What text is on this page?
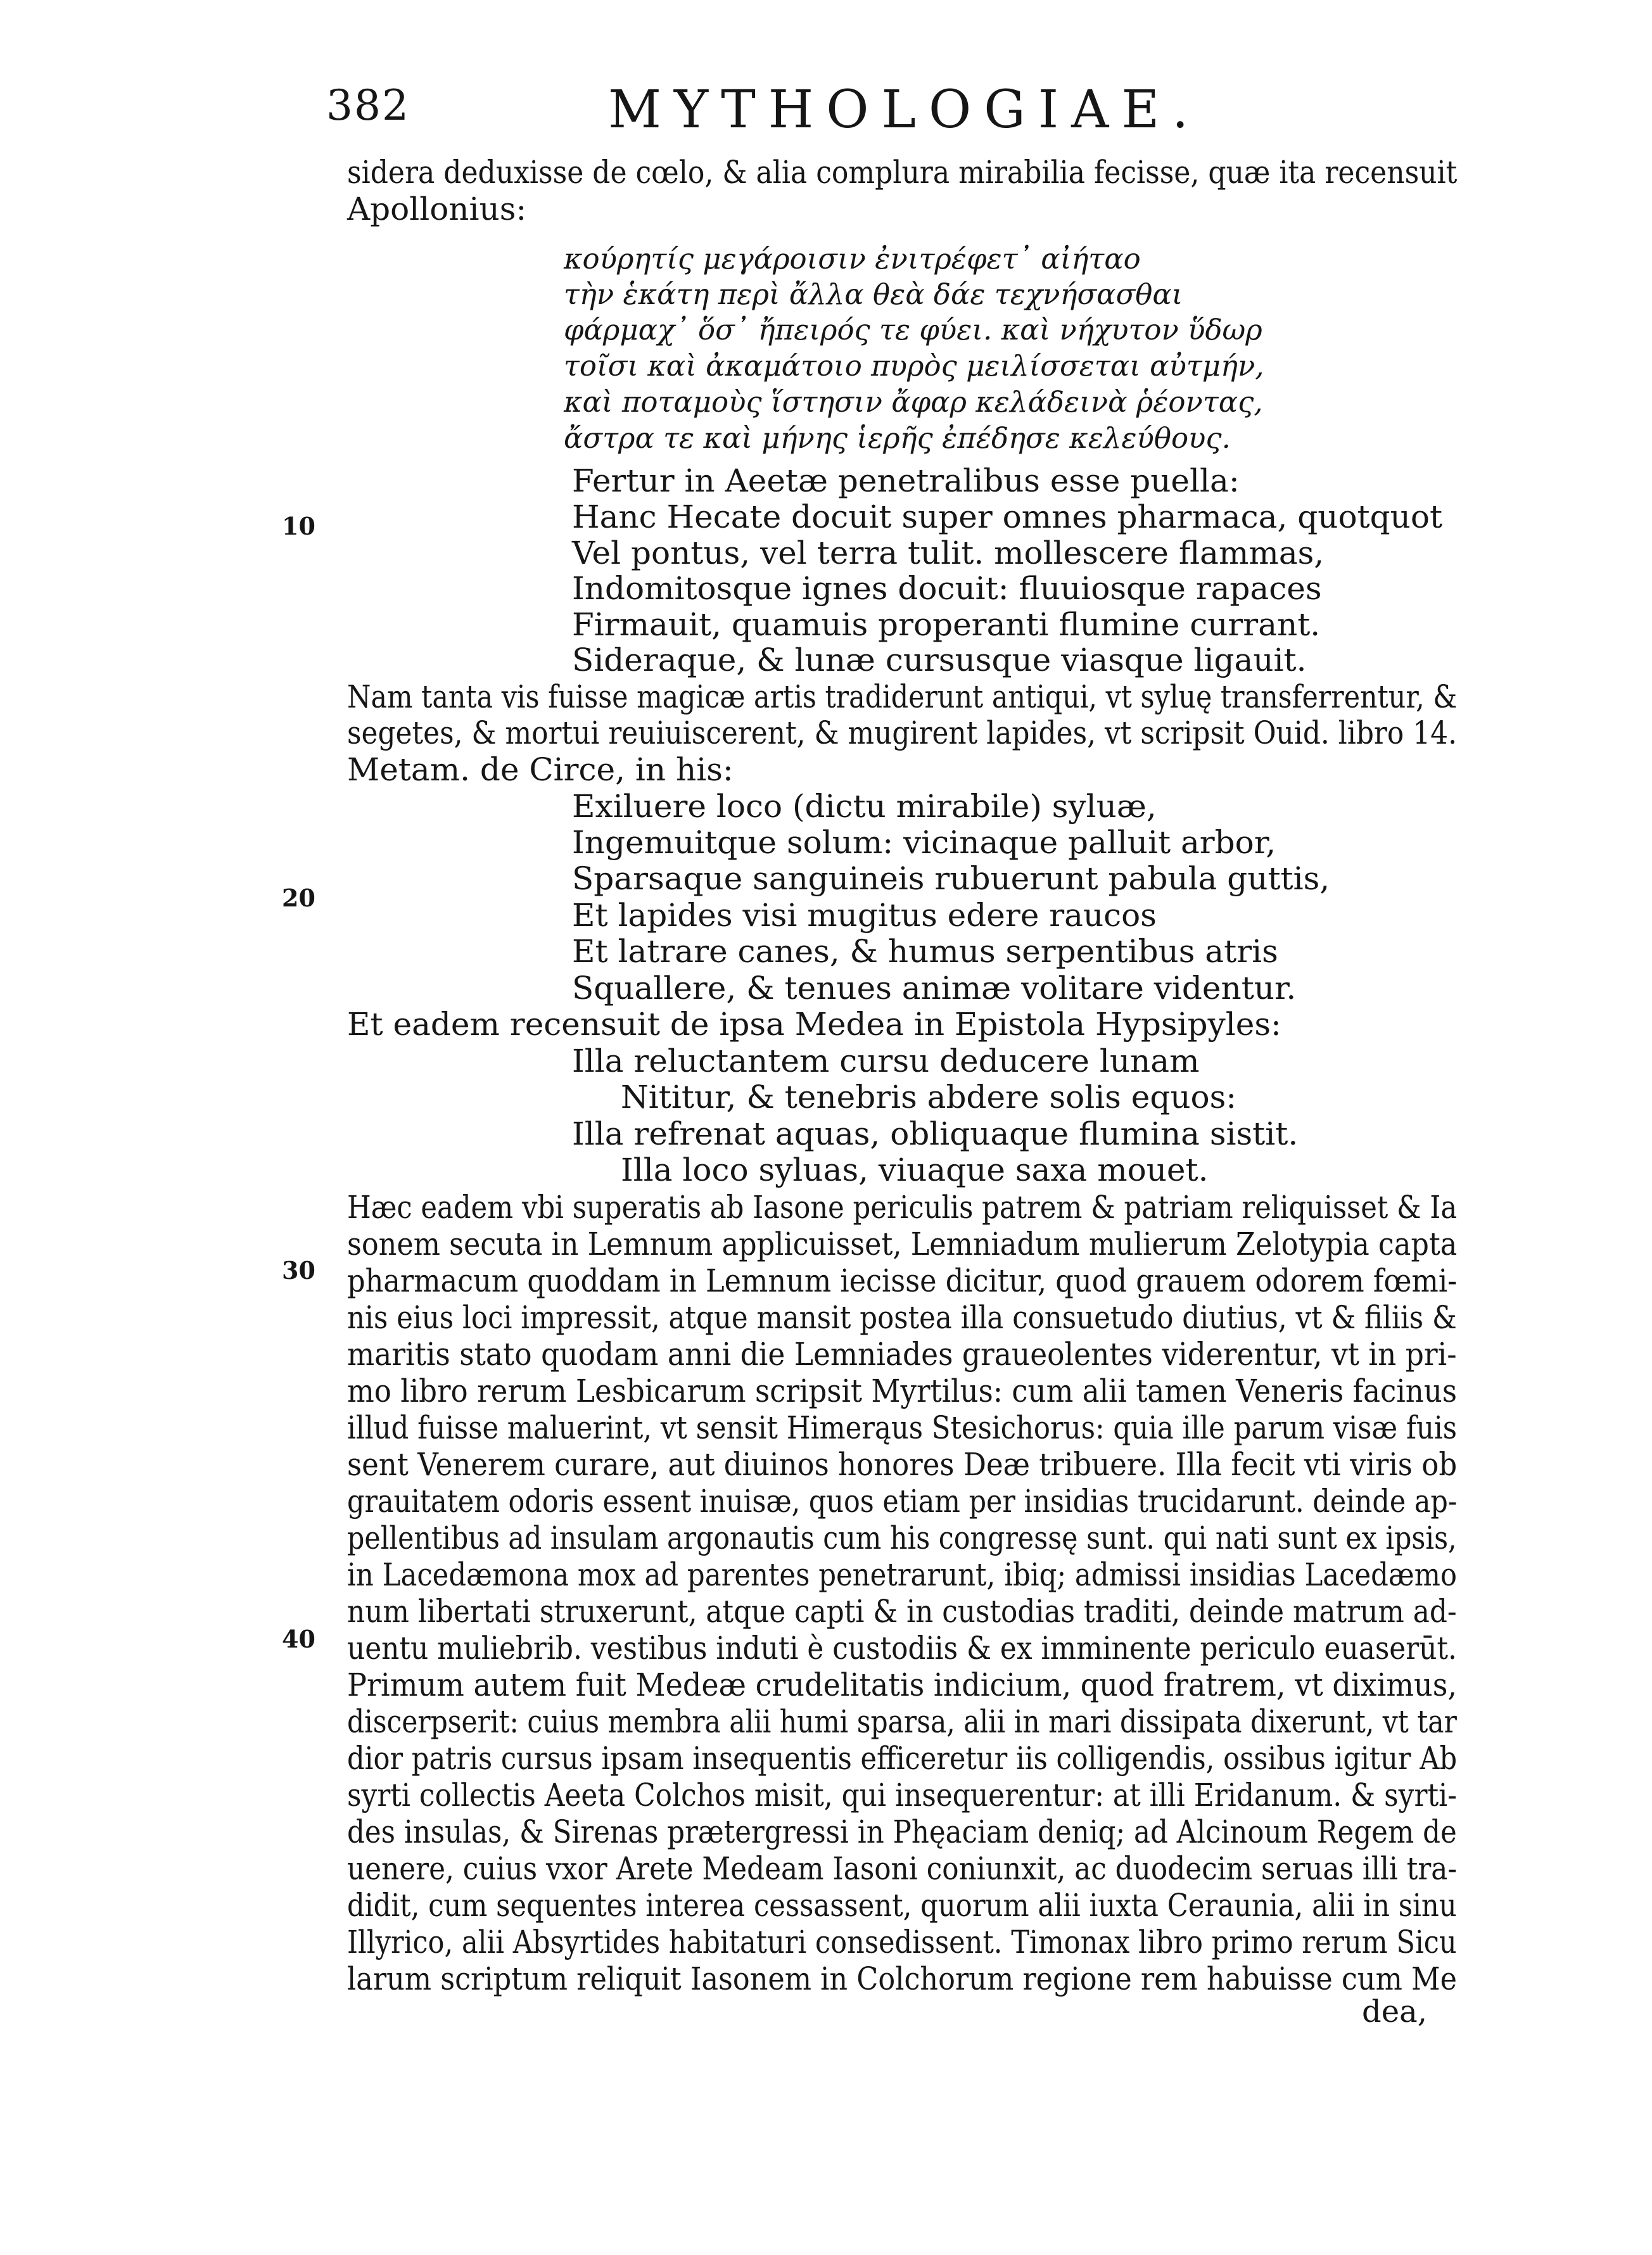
382	MYTHOLOGIAE.
10
20
30
40
sidera deduxisse de cœlo, & alia complura mirabilia fecisse, quæ ita recensuit
Apollonius:
κούρητίς μεγάροισιν ἐνιτρέφετ᾽ αἰήταο
τὴν ἑκάτη περὶ ἄλλα θεὰ δάε τεχνήσασθαι
φάρμαχ᾽ ὅσ᾽ ἤπειρός τε φύει. καὶ νήχυτον ὕδωρ
τοῖσι καὶ ἀκαμάτοιο πυρὸς μειλίσσεται αὐτμήν,
καὶ ποταμοὺς ἵστησιν ἄφαρ κελάδεινὰ ῥέοντας,
ἄστρα τε καὶ μήνης ἱερῆς ἐπέδησε κελεύθους.
Fertur in Aeetæ penetralibus esse puella:
Hanc Hecate docuit super omnes pharmaca, quotquot
Vel pontus, vel terra tulit. mollescere flammas,
Indomitosque ignes docuit: fluuiosque rapaces
Firmauit, quamuis properanti flumine currant.
Sideraque, & lunæ cursusque viasque ligauit.
Nam tanta vis fuisse magicæ artis tradiderunt antiqui, vt syluę transferrentur, &
segetes, & mortui reuiuiscerent, & mugirent lapides, vt scripsit Ouid. libro 14.
Metam. de Circe, in his:
Exiluere loco (dictu mirabile) syluæ,
Ingemuitque solum: vicinaque palluit arbor,
Sparsaque sanguineis rubuerunt pabula guttis,
Et lapides visi mugitus edere raucos
Et latrare canes, & humus serpentibus atris
Squallere, & tenues animæ volitare videntur.
Et eadem recensuit de ipsa Medea in Epistola Hypsipyles:
Illa reluctantem cursu deducere lunam
Nititur, & tenebris abdere solis equos:
Illa refrenat aquas, obliquaque flumina sistit.
Illa loco syluas, viuaque saxa mouet.
Hæc eadem vbi superatis ab Iasone periculis patrem & patriam reliquisset & Ia
sonem secuta in Lemnum applicuisset, Lemniadum mulierum Zelotypia capta
pharmacum quoddam in Lemnum iecisse dicitur, quod grauem odorem fœmi-
nis eius loci impressit, atque mansit postea illa consuetudo diutius, vt & filiis &
maritis stato quodam anni die Lemniades graueolentes viderentur, vt in pri-
mo libro rerum Lesbicarum scripsit Myrtilus: cum alii tamen Veneris facinus
illud fuisse maluerint, vt sensit Himerąus Stesichorus: quia ille parum visæ fuis
sent Venerem curare, aut diuinos honores Deæ tribuere. Illa fecit vti viris ob
grauitatem odoris essent inuisæ, quos etiam per insidias trucidarunt. deinde ap-
pellentibus ad insulam argonautis cum his congressę sunt. qui nati sunt ex ipsis,
in Lacedæmona mox ad parentes penetrarunt, ibiq; admissi insidias Lacedæmo
num libertati struxerunt, atque capti & in custodias traditi, deinde matrum ad-
uentu muliebrib. vestibus induti è custodiis & ex imminente periculo euaserūt.
Primum autem fuit Medeæ crudelitatis indicium, quod fratrem, vt diximus,
discerpserit: cuius membra alii humi sparsa, alii in mari dissipata dixerunt, vt tar
dior patris cursus ipsam insequentis efficeretur iis colligendis, ossibus igitur Ab
syrti collectis Aeeta Colchos misit, qui insequerentur: at illi Eridanum. & syrti-
des insulas, & Sirenas prætergressi in Phęaciam deniq; ad Alcinoum Regem de
uenere, cuius vxor Arete Medeam Iasoni coniunxit, ac duodecim seruas illi tra-
didit, cum sequentes interea cessassent, quorum alii iuxta Ceraunia, alii in sinu
Illyrico, alii Absyrtides habitaturi consedissent. Timonax libro primo rerum Sicu
larum scriptum reliquit Iasonem in Colchorum regione rem habuisse cum Me
dea,
